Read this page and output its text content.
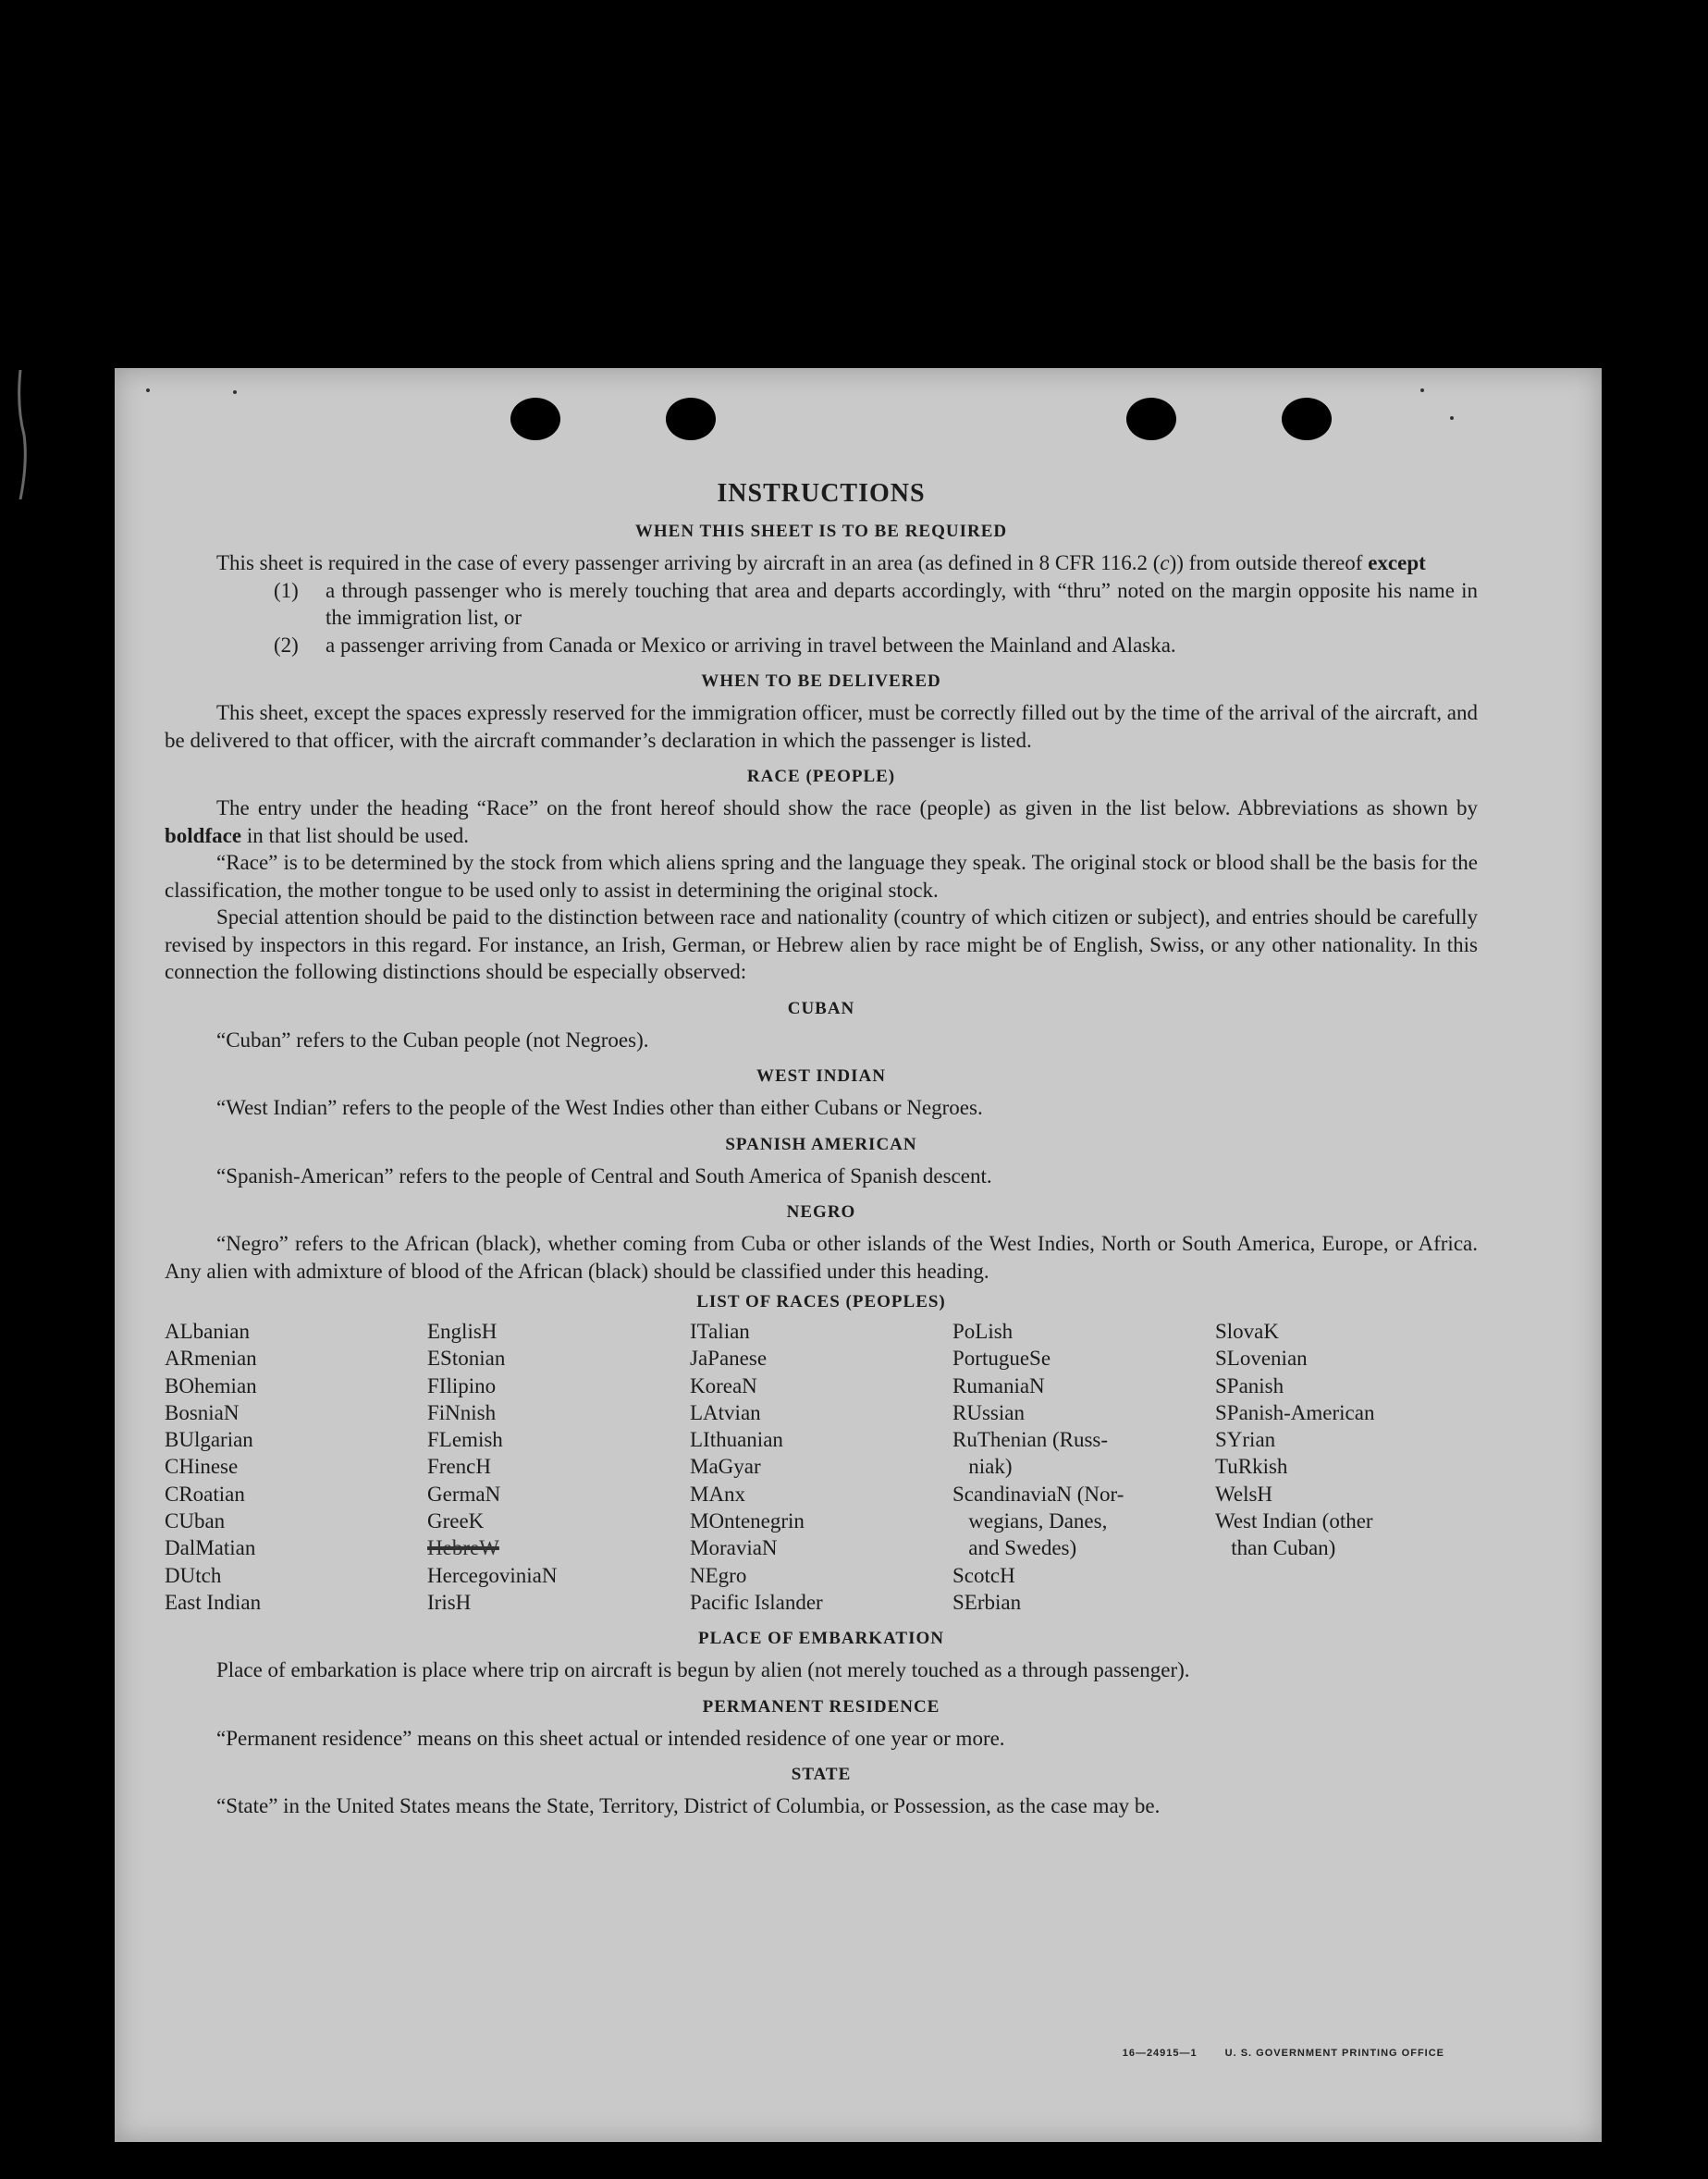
INSTRUCTIONS
WHEN THIS SHEET IS TO BE REQUIRED

This sheet is required in the case of every passenger arriving by aircraft in an area (as defined in 8 CFR 116.2 (c)) from outside thereof except

(1)	a through passenger who is merely touching that area and departs accordingly, with “thru” noted on the margin opposite his name in the immigration list, or
(2)	a passenger arriving from Canada or Mexico or arriving in travel between the Mainland and Alaska.
WHEN TO BE DELIVERED

This sheet, except the spaces expressly reserved for the immigration officer, must be correctly filled out by the time of the arrival of the aircraft, and be delivered to that officer, with the aircraft commander’s declaration in which the passenger is listed.

RACE (PEOPLE)

The entry under the heading “Race” on the front hereof should show the race (people) as given in the list below. Abbreviations as shown by boldface in that list should be used.

“Race” is to be determined by the stock from which aliens spring and the language they speak. The original stock or blood shall be the basis for the classification, the mother tongue to be used only to assist in determining the original stock.

Special attention should be paid to the distinction between race and nationality (country of which citizen or subject), and entries should be carefully revised by inspectors in this regard. For instance, an Irish, German, or Hebrew alien by race might be of English, Swiss, or any other nationality. In this connection the following distinctions should be especially observed:

CUBAN

“Cuban” refers to the Cuban people (not Negroes).

WEST INDIAN

“West Indian” refers to the people of the West Indies other than either Cubans or Negroes.

SPANISH AMERICAN

“Spanish-American” refers to the people of Central and South America of Spanish descent.

NEGRO

“Negro” refers to the African (black), whether coming from Cuba or other islands of the West Indies, North or South America, Europe, or Africa. Any alien with admixture of blood of the African (black) should be classified under this heading.

LIST OF RACES (PEOPLES)
ALbanian
ARmenian
BOhemian
BosniaN
BUlgarian
CHinese
CRoatian
CUban
DalMatian
DUtch
East Indian
EnglisH
EStonian
FIlipino
FiNnish
FLemish
FrencH
GermaN
GreeK
HebreW
HercegoviniaN
IrisH
ITalian
JaPanese
KoreaN
LAtvian
LIthuanian
MaGyar
MAnx
MOntenegrin
MoraviaN
NEgro
Pacific Islander
PoLish
PortugueSe
RumaniaN
RUssian
RuThenian (Russ-
niak)
ScandinaviaN (Nor-
wegians, Danes,
and Swedes)
ScotcH
SErbian
SlovaK
SLovenian
SPanish
SPanish-American
SYrian
TuRkish
WelsH
West Indian (other
than Cuban)
PLACE OF EMBARKATION

Place of embarkation is place where trip on aircraft is begun by alien (not merely touched as a through passenger).

PERMANENT RESIDENCE

“Permanent residence” means on this sheet actual or intended residence of one year or more.

STATE

“State” in the United States means the State, Territory, District of Columbia, or Possession, as the case may be.

16—24915—1	U. S. GOVERNMENT PRINTING OFFICE
